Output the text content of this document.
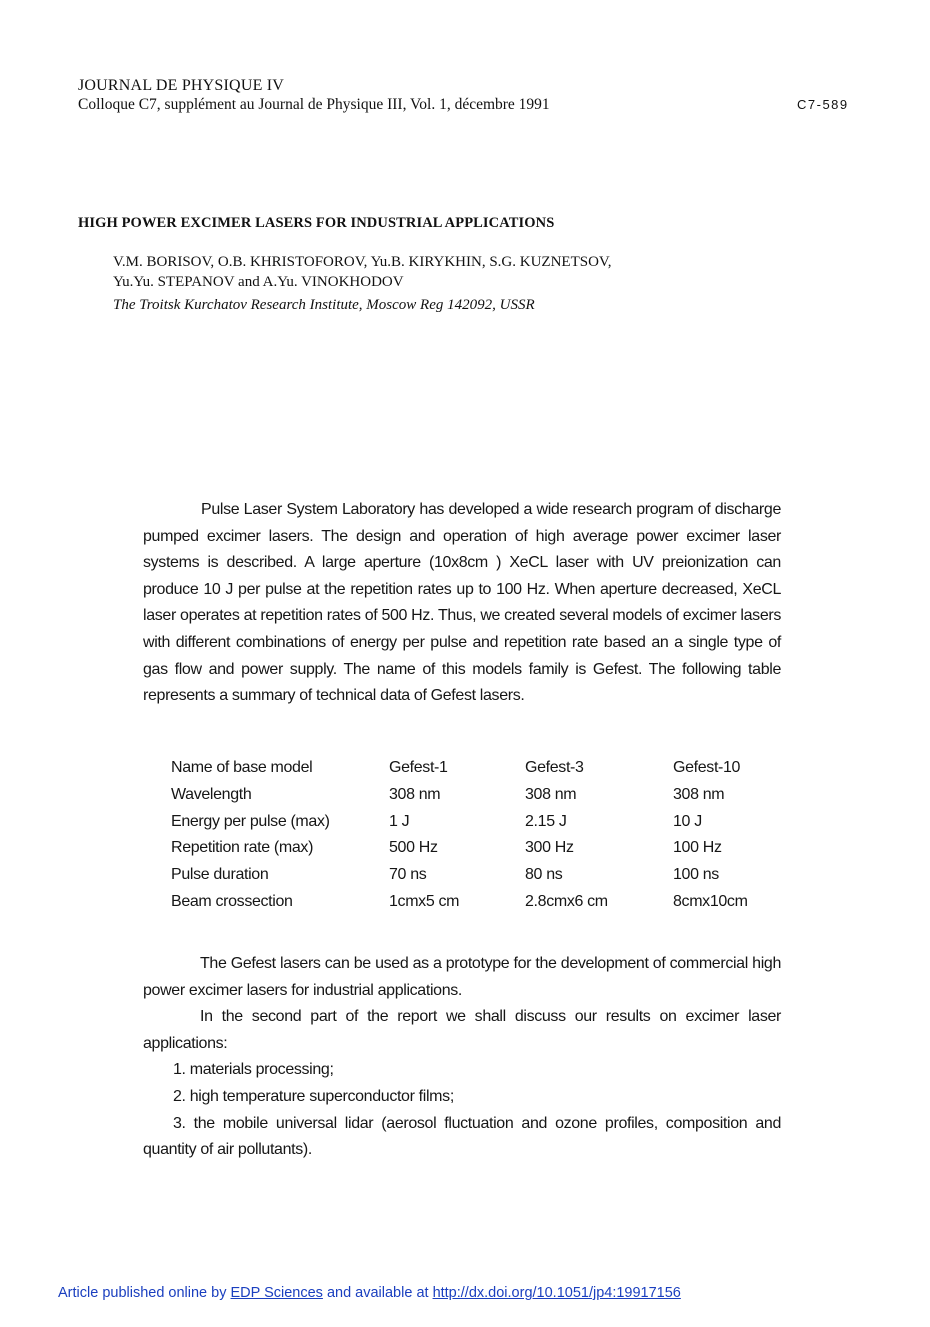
JOURNAL DE PHYSIQUE IV
Colloque C7, supplément au Journal de Physique III, Vol. 1, décembre 1991	C7-589
HIGH POWER EXCIMER LASERS FOR INDUSTRIAL APPLICATIONS
V.M. BORISOV, O.B. KHRISTOFOROV, Yu.B. KIRYKHIN, S.G. KUZNETSOV,
Yu.Yu. STEPANOV and A.Yu. VINOKHODOV
The Troitsk Kurchatov Research Institute, Moscow Reg 142092, USSR
Pulse Laser System Laboratory has developed a wide research program of discharge pumped excimer lasers. The design and operation of high average power excimer laser systems is described. A large aperture (10x8cm ) XeCL laser with UV preionization can produce 10 J per pulse at the repetition rates up to 100 Hz. When aperture decreased, XeCL laser operates at repetition rates of 500 Hz. Thus, we created several models of excimer lasers with different combinations of energy per pulse and repetition rate based an a single type of gas flow and power supply. The name of this models family is Gefest. The following table represents a summary of technical data of Gefest lasers.
Name of base model	Gefest-1	Gefest-3	Gefest-10
Wavelength	308 nm	308 nm	308 nm
Energy per pulse (max)	1 J	2.15 J	10 J
Repetition rate (max)	500 Hz	300 Hz	100 Hz
Pulse duration	70 ns	80 ns	100 ns
Beam crossection	1cmx5 cm	2.8cmx6 cm	8cmx10cm

The Gefest lasers can be used as a prototype for the development of commercial high power excimer lasers for industrial applications.

In the second part of the report we shall discuss our results on excimer laser applications:

1. materials processing;

2. high temperature superconductor films;

3. the mobile universal lidar (aerosol fluctuation and ozone profiles, composition and quantity of air pollutants).

Article published online by EDP Sciences and available at http://dx.doi.org/10.1051/jp4:19917156
